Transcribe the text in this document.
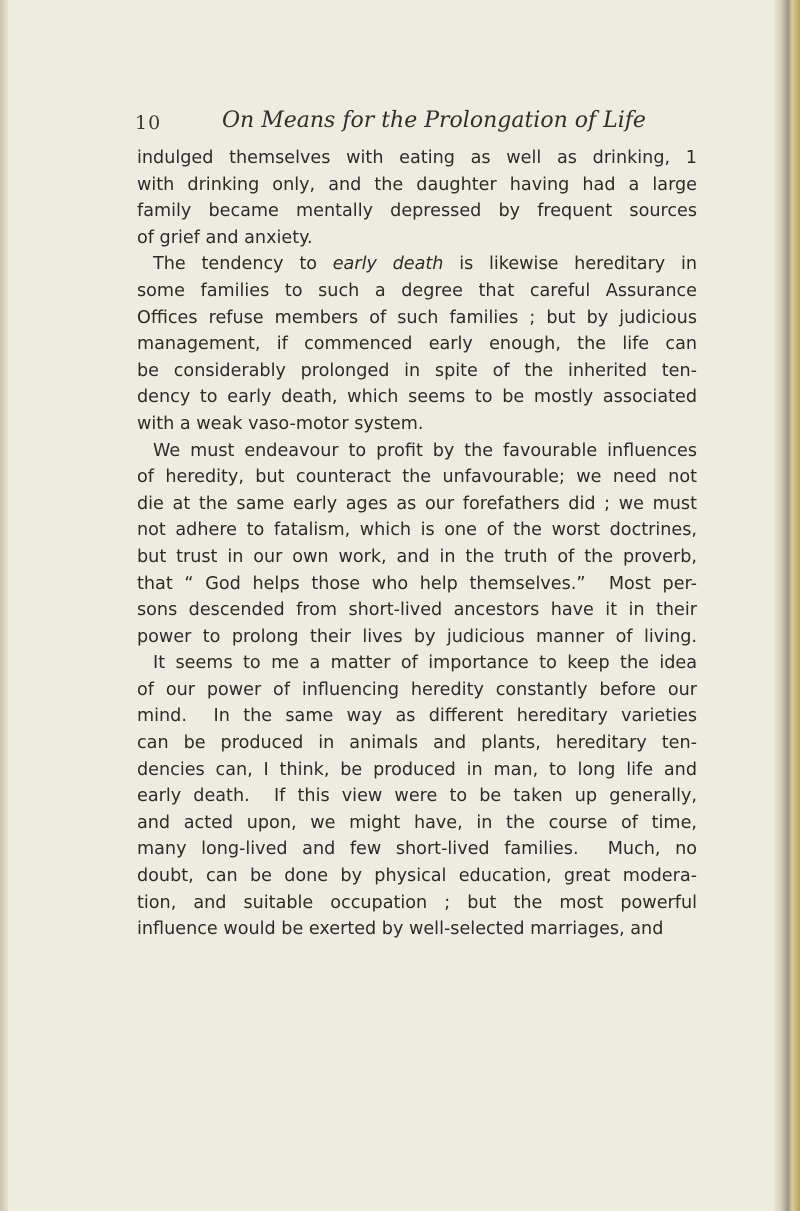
10	On Means for the Prolongation of Life
indulged themselves with eating as well as drinking, 1
with drinking only, and the daughter having had a large
family became mentally depressed by frequent sources
of grief and anxiety.
The tendency to early death is likewise hereditary in
some families to such a degree that careful Assurance
Offices refuse members of such families ; but by judicious
management, if commenced early enough, the life can
be considerably prolonged in spite of the inherited ten-
dency to early death, which seems to be mostly associated
with a weak vaso-motor system.
We must endeavour to profit by the favourable influences
of heredity, but counteract the unfavourable; we need not
die at the same early ages as our forefathers did ; we must
not adhere to fatalism, which is one of the worst doctrines,
but trust in our own work, and in the truth of the proverb,
that “ God helps those who help themselves.”  Most per-
sons descended from short-lived ancestors have it in their
power to prolong their lives by judicious manner of living.
It seems to me a matter of importance to keep the idea
of our power of influencing heredity constantly before our
mind.  In the same way as different hereditary varieties
can be produced in animals and plants, hereditary ten-
dencies can, I think, be produced in man, to long life and
early death.  If this view were to be taken up generally,
and acted upon, we might have, in the course of time,
many long-lived and few short-lived families.  Much, no
doubt, can be done by physical education, great modera-
tion, and suitable occupation ; but the most powerful
influence would be exerted by well-selected marriages, and
